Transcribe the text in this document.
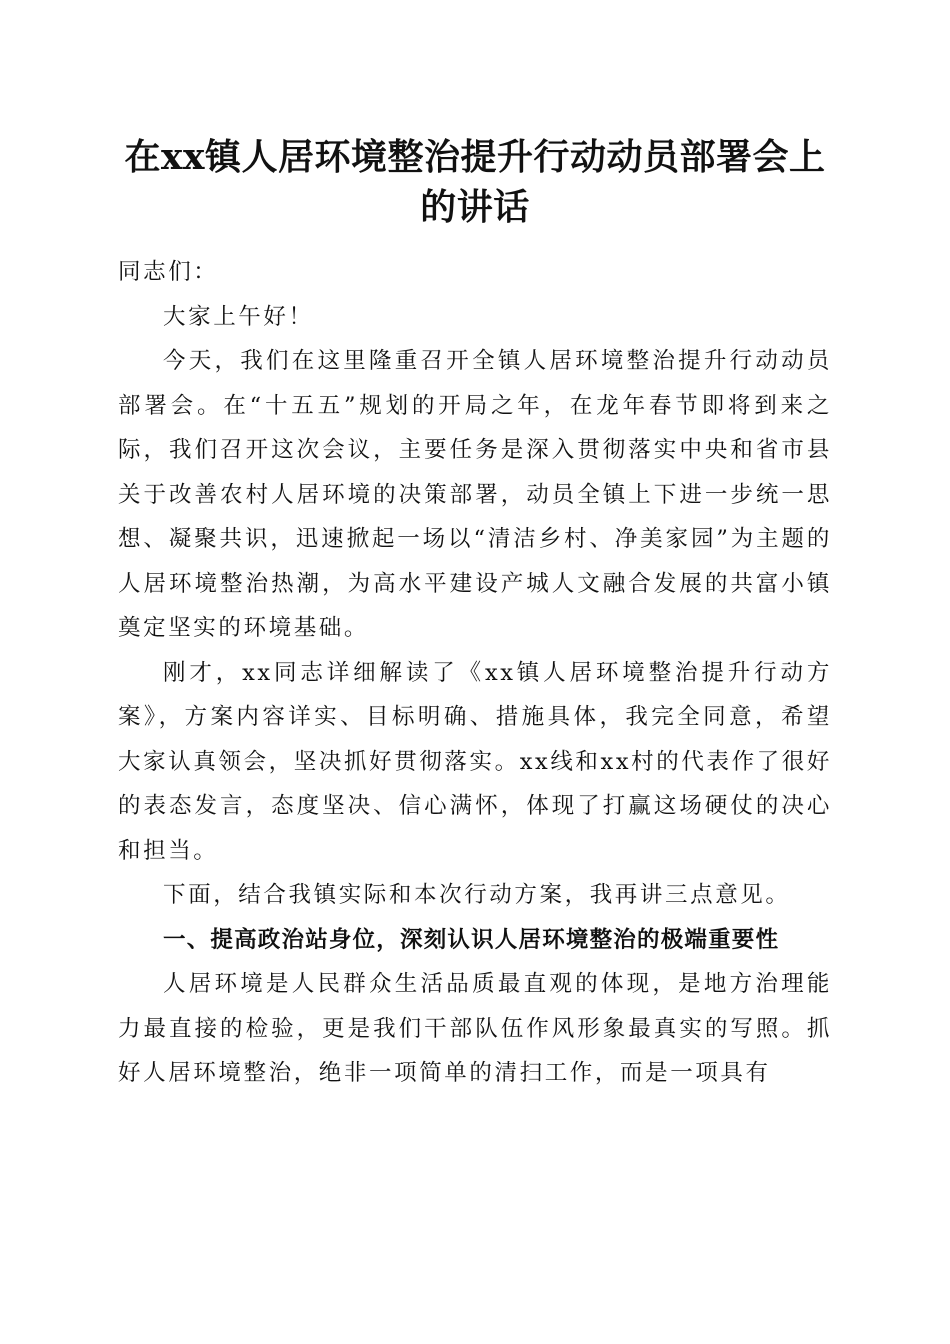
在xx镇人居环境整治提升行动动员部署会上
的讲话

同志们：

大家上午好！

今天，我们在这里隆重召开全镇人居环境整治提升行动动员部署会。在“十五五”规划的开局之年，在龙年春节即将到来之际，我们召开这次会议，主要任务是深入贯彻落实中央和省市县关于改善农村人居环境的决策部署，动员全镇上下进一步统一思想、凝聚共识，迅速掀起一场以“清洁乡村、净美家园”为主题的人居环境整治热潮，为高水平建设产城人文融合发展的共富小镇奠定坚实的环境基础。

刚才，xx同志详细解读了《xx镇人居环境整治提升行动方案》，方案内容详实、目标明确、措施具体，我完全同意，希望大家认真领会，坚决抓好贯彻落实。xx线和xx村的代表作了很好的表态发言，态度坚决、信心满怀，体现了打赢这场硬仗的决心和担当。

下面，结合我镇实际和本次行动方案，我再讲三点意见。

一、提高政治站身位，深刻认识人居环境整治的极端重要性

人居环境是人民群众生活品质最直观的体现，是地方治理能力最直接的检验，更是我们干部队伍作风形象最真实的写照。抓好人居环境整治，绝非一项简单的清扫工作，而是一项具有
